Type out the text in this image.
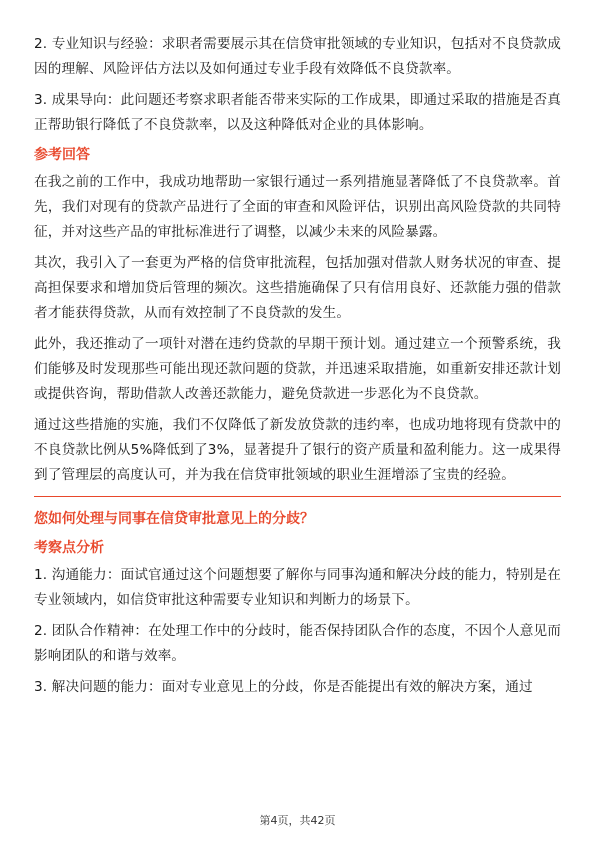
2. 专业知识与经验：求职者需要展示其在信贷审批领域的专业知识，包括对不良贷款成因的理解、风险评估方法以及如何通过专业手段有效降低不良贷款率。

3. 成果导向：此问题还考察求职者能否带来实际的工作成果，即通过采取的措施是否真正帮助银行降低了不良贷款率，以及这种降低对企业的具体影响。

参考回答

在我之前的工作中，我成功地帮助一家银行通过一系列措施显著降低了不良贷款率。首先，我们对现有的贷款产品进行了全面的审查和风险评估，识别出高风险贷款的共同特征，并对这些产品的审批标准进行了调整，以减少未来的风险暴露。

其次，我引入了一套更为严格的信贷审批流程，包括加强对借款人财务状况的审查、提高担保要求和增加贷后管理的频次。这些措施确保了只有信用良好、还款能力强的借款者才能获得贷款，从而有效控制了不良贷款的发生。

此外，我还推动了一项针对潜在违约贷款的早期干预计划。通过建立一个预警系统，我们能够及时发现那些可能出现还款问题的贷款，并迅速采取措施，如重新安排还款计划或提供咨询，帮助借款人改善还款能力，避免贷款进一步恶化为不良贷款。

通过这些措施的实施，我们不仅降低了新发放贷款的违约率，也成功地将现有贷款中的不良贷款比例从5%降低到了3%，显著提升了银行的资产质量和盈利能力。这一成果得到了管理层的高度认可，并为我在信贷审批领域的职业生涯增添了宝贵的经验。

您如何处理与同事在信贷审批意见上的分歧？
考察点分析

1. 沟通能力：面试官通过这个问题想要了解你与同事沟通和解决分歧的能力，特别是在专业领域内，如信贷审批这种需要专业知识和判断力的场景下。

2. 团队合作精神：在处理工作中的分歧时，能否保持团队合作的态度，不因个人意见而影响团队的和谐与效率。

3. 解决问题的能力：面对专业意见上的分歧，你是否能提出有效的解决方案，通过

第4页，共42页
